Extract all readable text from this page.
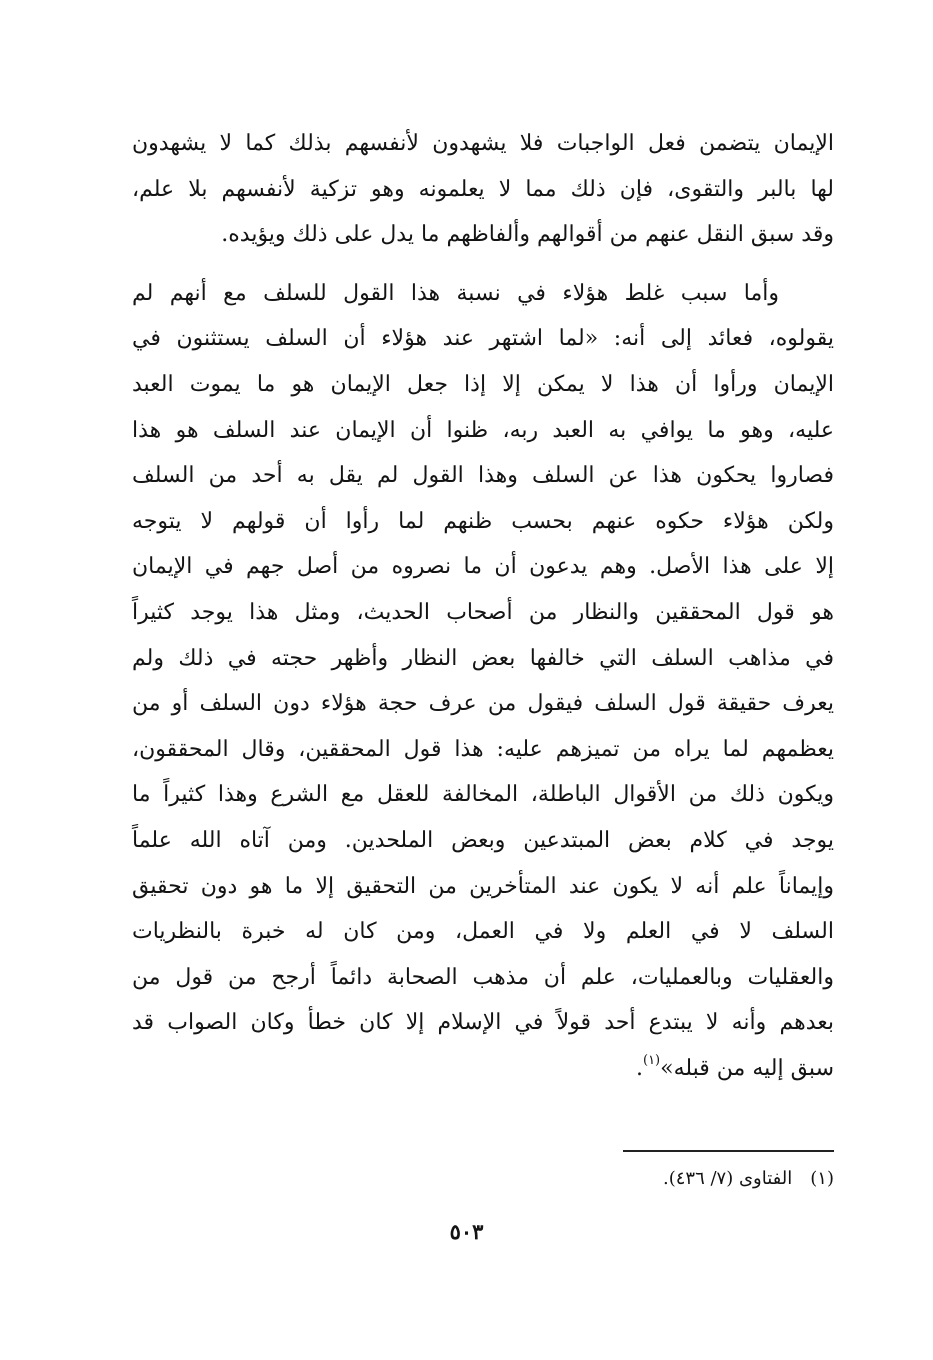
الإيمان يتضمن فعل الواجبات فلا يشهدون لأنفسهم بذلك كما لا يشهدون
لها بالبر والتقوى، فإن ذلك مما لا يعلمونه وهو تزكية لأنفسهم بلا علم،
وقد سبق النقل عنهم من أقوالهم وألفاظهم ما يدل على ذلك ويؤيده.
وأما سبب غلط هؤلاء في نسبة هذا القول للسلف مع أنهم لم
يقولوه، فعائد إلى أنه: «لما اشتهر عند هؤلاء أن السلف يستثنون في
الإيمان ورأوا أن هذا لا يمكن إلا إذا جعل الإيمان هو ما يموت العبد
عليه، وهو ما يوافي به العبد ربه، ظنوا أن الإيمان عند السلف هو هذا
فصاروا يحكون هذا عن السلف وهذا القول لم يقل به أحد من السلف
ولكن هؤلاء حكوه عنهم بحسب ظنهم لما رأوا أن قولهم لا يتوجه
إلا على هذا الأصل. وهم يدعون أن ما نصروه من أصل جهم في الإيمان
هو قول المحققين والنظار من أصحاب الحديث، ومثل هذا يوجد كثيراً
في مذاهب السلف التي خالفها بعض النظار وأظهر حجته في ذلك ولم
يعرف حقيقة قول السلف فيقول من عرف حجة هؤلاء دون السلف أو من
يعظمهم لما يراه من تميزهم عليه: هذا قول المحققين، وقال المحققون،
ويكون ذلك من الأقوال الباطلة، المخالفة للعقل مع الشرع وهذا كثيراً ما
يوجد في كلام بعض المبتدعين وبعض الملحدين. ومن آتاه الله علماً
وإيماناً علم أنه لا يكون عند المتأخرين من التحقيق إلا ما هو دون تحقيق
السلف لا في العلم ولا في العمل، ومن كان له خبرة بالنظريات
والعقليات وبالعمليات، علم أن مذهب الصحابة دائماً أرجح من قول من
بعدهم وأنه لا يبتدع أحد قولاً في الإسلام إلا كان خطأ وكان الصواب قد
سبق إليه من قبله»$^{(١)}$.
(١)الفتاوى (٧/ ٤٣٦).
٥٠٣
